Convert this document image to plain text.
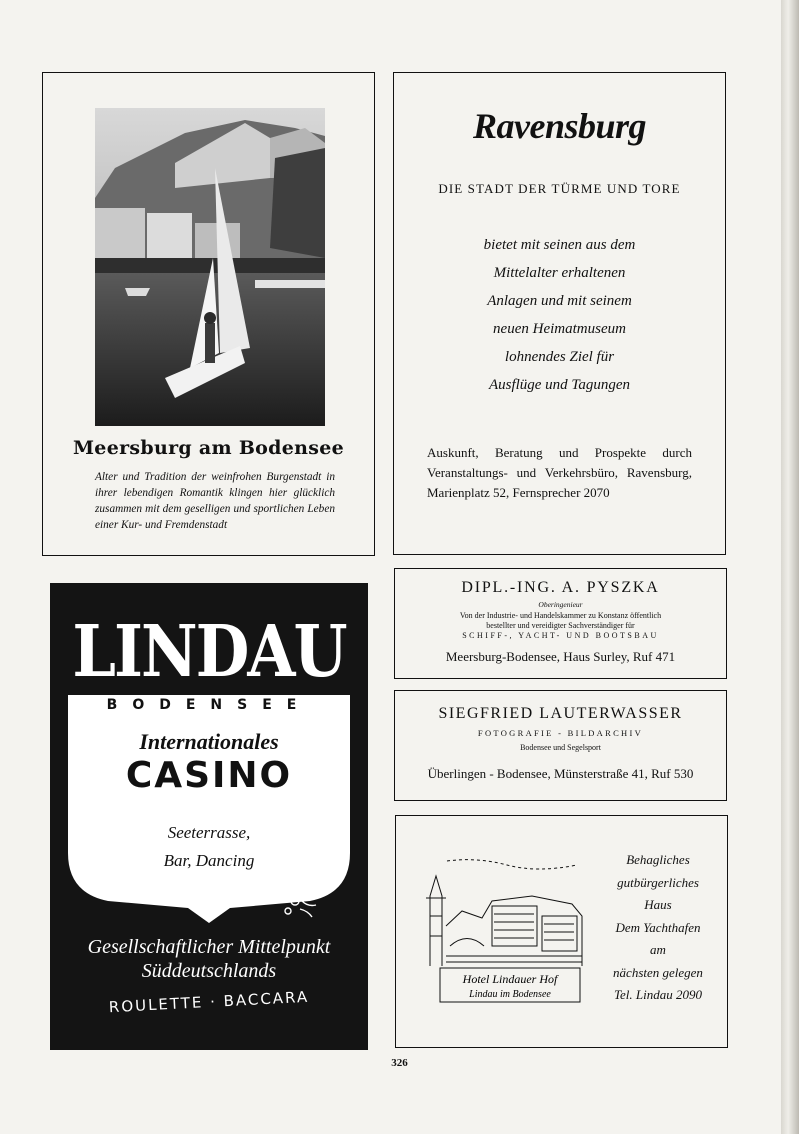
Meersburg am Bodensee

Alter und Tradition der weinfrohen Burgenstadt in ihrer lebendigen Romantik klingen hier glücklich zusammen mit dem geselligen und sportlichen Leben einer Kur- und Fremdenstadt

Ravensburg
DIE STADT DER TÜRME UND TORE
bietet mit seinen aus dem
Mittelalter erhaltenen
Anlagen und mit seinem
neuen Heimatmuseum
lohnendes Ziel für
Ausflüge und Tagungen
Auskunft, Beratung und Prospekte durch Veranstaltungs- und Verkehrsbüro, Ravensburg, Marienplatz 52, Fernsprecher 2070
LINDAU
BODENSEE
Internationales
CASINO
Seeterrasse,
Bar, Dancing
Gesellschaftlicher Mittelpunkt
Süddeutschlands
ROULETTE · BACCARA
DIPL.-ING. A. PYSZKA
Oberingenieur
Von der Industrie- und Handelskammer zu Konstanz öffentlich
bestellter und vereidigter Sachverständiger für
SCHIFF-, YACHT- UND BOOTSBAU
Meersburg-Bodensee, Haus Surley, Ruf 471
SIEGFRIED LAUTERWASSER
FOTOGRAFIE - BILDARCHIV
Bodensee und Segelsport
Überlingen - Bodensee, Münsterstraße 41, Ruf 530
Hotel Lindauer Hof
Lindau im Bodensee
Behagliches
gutbürgerliches
Haus
Dem Yachthafen
am
nächsten gelegen
Tel. Lindau 2090
326
